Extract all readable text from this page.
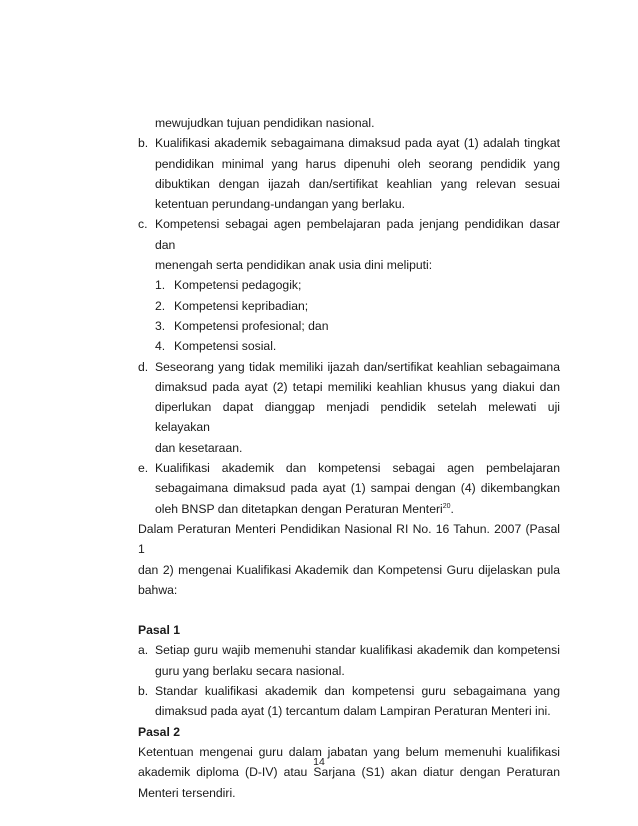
mewujudkan tujuan pendidikan nasional.
b. Kualifikasi akademik sebagaimana dimaksud pada ayat (1) adalah tingkat
pendidikan minimal yang harus dipenuhi oleh seorang pendidik yang
dibuktikan dengan ijazah dan/sertifikat keahlian yang relevan sesuai
ketentuan perundang-undangan yang berlaku.
c. Kompetensi sebagai agen pembelajaran pada jenjang pendidikan dasar dan
menengah serta pendidikan anak usia dini meliputi:
1. Kompetensi pedagogik;
2. Kompetensi kepribadian;
3. Kompetensi profesional; dan
4. Kompetensi sosial.
d. Seseorang yang tidak memiliki ijazah dan/sertifikat keahlian sebagaimana
dimaksud pada ayat (2) tetapi memiliki keahlian khusus yang diakui dan
diperlukan dapat dianggap menjadi pendidik setelah melewati uji kelayakan
dan kesetaraan.
e. Kualifikasi akademik dan kompetensi sebagai agen pembelajaran
sebagaimana dimaksud pada ayat (1) sampai dengan (4) dikembangkan
oleh BNSP dan ditetapkan dengan Peraturan Menteri$^{20}$.
Dalam Peraturan Menteri Pendidikan Nasional RI No. 16 Tahun. 2007 (Pasal 1
dan 2) mengenai Kualifikasi Akademik dan Kompetensi Guru dijelaskan pula
bahwa:
Pasal 1
a. Setiap guru wajib memenuhi standar kualifikasi akademik dan kompetensi
guru yang berlaku secara nasional.
b. Standar kualifikasi akademik dan kompetensi guru sebagaimana yang
dimaksud pada ayat (1) tercantum dalam Lampiran Peraturan Menteri ini.
Pasal 2
Ketentuan mengenai guru dalam jabatan yang belum memenuhi kualifikasi
akademik diploma (D-IV) atau Sarjana (S1) akan diatur dengan Peraturan
Menteri tersendiri.
14
